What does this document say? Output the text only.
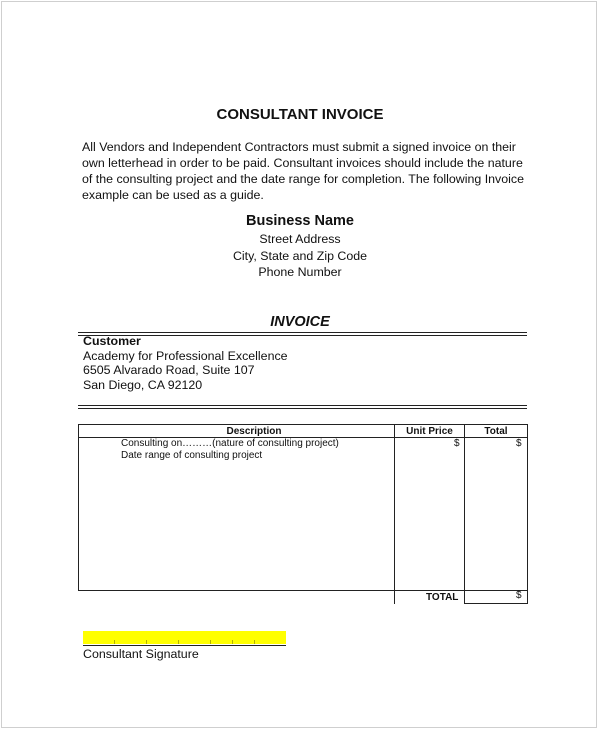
CONSULTANT INVOICE
All Vendors and Independent Contractors must submit a signed invoice on their
own letterhead in order to be paid. Consultant invoices should include the nature
of the consulting project and the date range for completion. The following Invoice
example can be used as a guide.
Business Name
Street Address
City, State and Zip Code
Phone Number
INVOICE
Customer
Academy for Professional Excellence
6505 Alvarado Road, Suite 107
San Diego, CA 92120
Description	Unit Price	Total
Consulting on………(nature of consulting project)
Date range of consulting project
$	$
TOTAL	$
Consultant Signature
